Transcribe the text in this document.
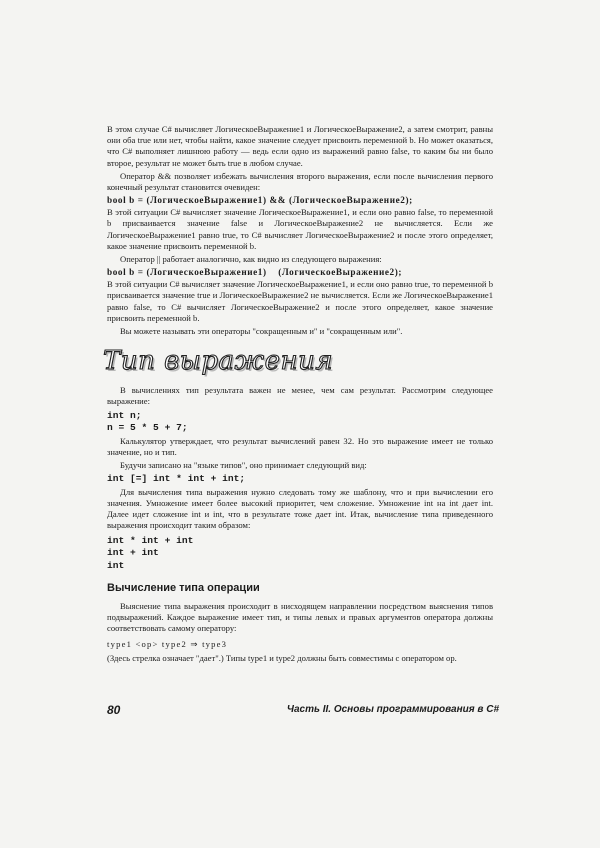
В этом случае C# вычисляет ЛогическоеВыражение1 и ЛогическоеВыражение2, а затем смотрит, равны они оба true или нет, чтобы найти, какое значение следует присвоить переменной b. Но может оказаться, что C# выполняет лишнюю работу — ведь если одно из выражений равно false, то каким бы ни было второе, результат не может быть true в любом случае.

Оператор && позволяет избежать вычисления второго выражения, если после вычисления первого конечный результат становится очевиден:

bool b = (ЛогическоеВыражение1) && (ЛогическоеВыражение2);

В этой ситуации C# вычисляет значение ЛогическоеВыражение1, и если оно равно false, то переменной b присваивается значение false и ЛогическоеВыражение2 не вычисляется. Если же ЛогическоеВыражение1 равно true, то C# вычисляет ЛогическоеВыражение2 и после этого определяет, какое значение присвоить переменной b.

Оператор || работает аналогично, как видно из следующего выражения:

bool b = (ЛогическоеВыражение1)    (ЛогическоеВыражение2);

В этой ситуации C# вычисляет значение ЛогическоеВыражение1, и если оно равно true, то переменной b присваивается значение true и ЛогическоеВыражение2 не вычисляется. Если же ЛогическоеВыражение1 равно false, то C# вычисляет ЛогическоеВыражение2 и после этого определяет, какое значение присвоить переменной b.

Вы можете называть эти операторы "сокращенным и" и "сокращенным или".

Тип выражения

В вычислениях тип результата важен не менее, чем сам результат. Рассмотрим следующее выражение:

int n;
n = 5 * 5 + 7;

Калькулятор утверждает, что результат вычислений равен 32. Но это выражение имеет не только значение, но и тип.

Будучи записано на "языке типов", оно принимает следующий вид:

int [=] int * int + int;

Для вычисления типа выражения нужно следовать тому же шаблону, что и при вычислении его значения. Умножение имеет более высокий приоритет, чем сложение. Умножение int на int дает int. Далее идет сложение int и int, что в результате тоже дает int. Итак, вычисление типа приведенного выражения происходит таким образом:

int * int + int
int + int
int
Вычисление типа операции

Выяснение типа выражения происходит в нисходящем направлении посредством выяснения типов подвыражений. Каждое выражение имеет тип, и типы левых и правых аргументов оператора должны соответствовать самому оператору:

type1 <op> type2 ⇒ type3

(Здесь стрелка означает "дает".) Типы type1 и type2 должны быть совместимы с оператором op.

80	Часть II. Основы программирования в C#
